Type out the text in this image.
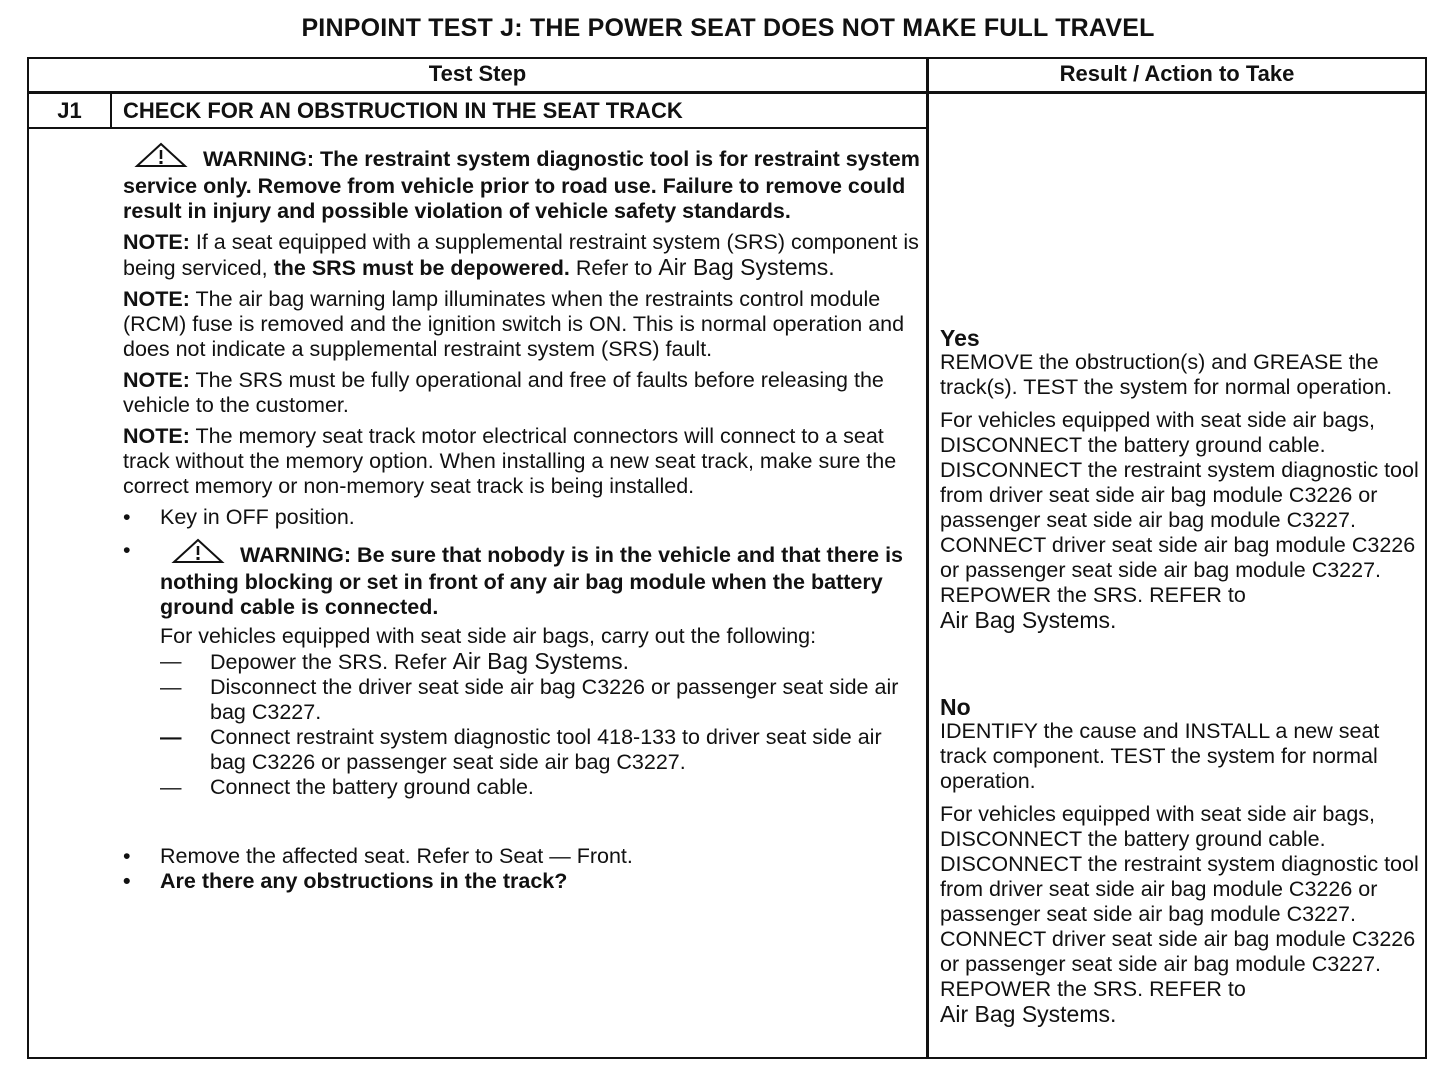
PINPOINT TEST J: THE POWER SEAT DOES NOT MAKE FULL TRAVEL
Test Step	Result / Action to Take
J1	CHECK FOR AN OBSTRUCTION IN THE SEAT TRACK

WARNING: The restraint system diagnostic tool is for restraint system service only. Remove from vehicle prior to road use. Failure to remove could result in injury and possible violation of vehicle safety standards.

NOTE: If a seat equipped with a supplemental restraint system (SRS) component is being serviced, the SRS must be depowered. Refer to Air Bag Systems.

NOTE: The air bag warning lamp illuminates when the restraints control module (RCM) fuse is removed and the ignition switch is ON. This is normal operation and does not indicate a supplemental restraint system (SRS) fault.

NOTE: The SRS must be fully operational and free of faults before releasing the vehicle to the customer.

NOTE: The memory seat track motor electrical connectors will connect to a seat track without the memory option. When installing a new seat track, make sure the correct memory or non-memory seat track is being installed.

• Key in OFF position.
•	WARNING: Be sure that nobody is in the vehicle and that there is nothing blocking or set in front of any air bag module when the battery ground cable is connected.

For vehicles equipped with seat side air bags, carry out the following:

— Depower the SRS. Refer Air Bag Systems.

— Disconnect the driver seat side air bag C3226 or passenger seat side air bag C3227.

— Connect restraint system diagnostic tool 418-133 to driver seat side air bag C3226 or passenger seat side air bag C3227.

— Connect the battery ground cable.

• Remove the affected seat. Refer to Seat — Front.
• Are there any obstructions in the track?
Yes

REMOVE the obstruction(s) and GREASE the track(s). TEST the system for normal operation.

For vehicles equipped with seat side air bags, DISCONNECT the battery ground cable. DISCONNECT the restraint system diagnostic tool from driver seat side air bag module C3226 or passenger seat side air bag module C3227. CONNECT driver seat side air bag module C3226 or passenger seat side air bag module C3227. REPOWER the SRS. REFER to
Air Bag Systems.

No

IDENTIFY the cause and INSTALL a new seat track component. TEST the system for normal operation.

For vehicles equipped with seat side air bags, DISCONNECT the battery ground cable. DISCONNECT the restraint system diagnostic tool from driver seat side air bag module C3226 or passenger seat side air bag module C3227. CONNECT driver seat side air bag module C3226 or passenger seat side air bag module C3227. REPOWER the SRS. REFER to
Air Bag Systems.
